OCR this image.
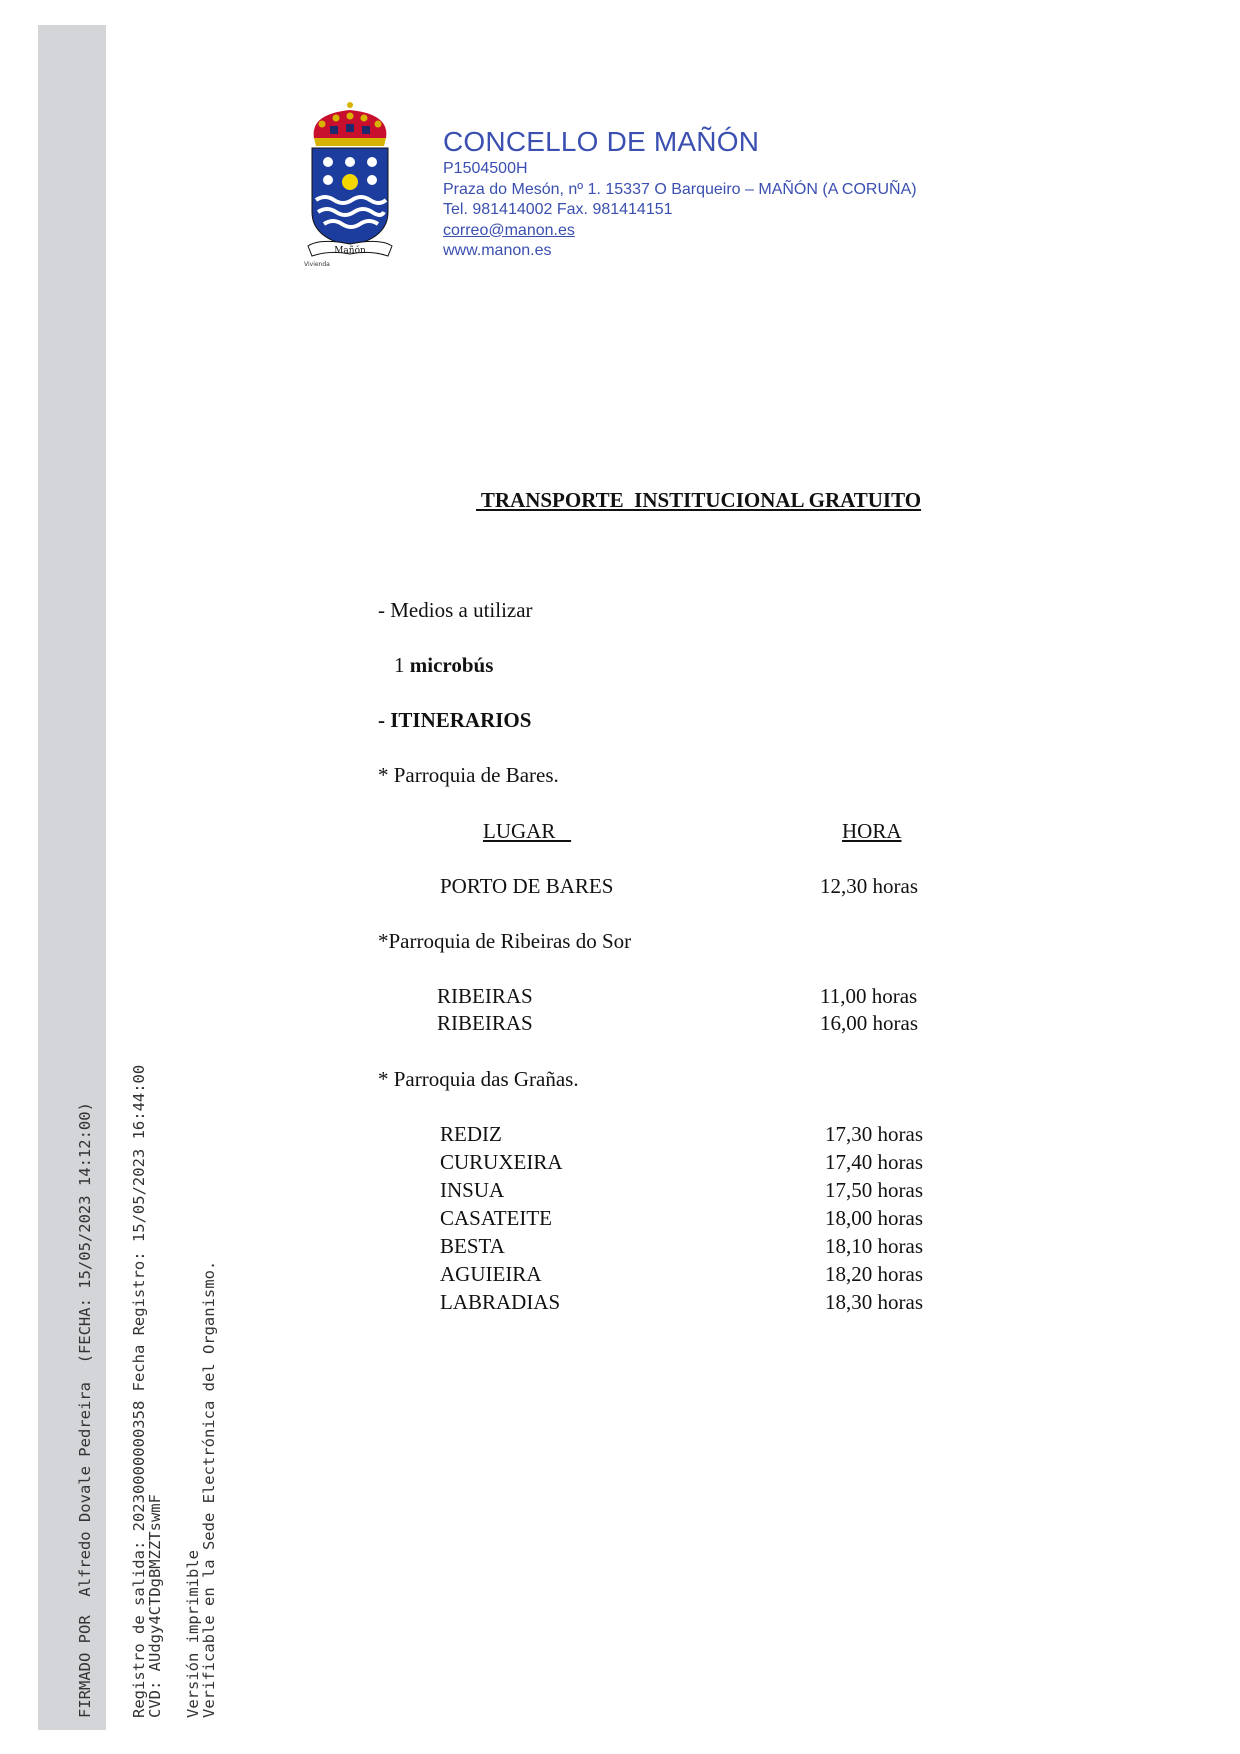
FIRMADO POR  Alfredo Dovale Pedreira  (FECHA: 15/05/2023 14:12:00)

Registro de salida: 20230000000358 Fecha Registro: 15/05/2023 16:44:00

Versión imprimible

CVD: AUdgy4CTDgBMZZTswmF

Verificable en la Sede Electrónica del Organismo.

Mañón
Vivienda
CONCELLO DE MAÑÓN
P1504500H
Praza do Mesón, nº 1. 15337 O Barqueiro – MAÑÓN (A CORUÑA)
Tel. 981414002 Fax. 981414151
correo@manon.es
www.manon.es
TRANSPORTE  INSTITUCIONAL GRATUITO
- Medios a utilizar
1 microbús
- ITINERARIOS
* Parroquia de Bares.
LUGAR	HORA
PORTO DE BARES	12,30 horas
*Parroquia de Ribeiras do Sor
RIBEIRAS	11,00 horas
RIBEIRAS	16,00 horas
* Parroquia das Grañas.
REDIZ	17,30 horas
CURUXEIRA	17,40 horas
INSUA	17,50 horas
CASATEITE	18,00 horas
BESTA	18,10 horas
AGUIEIRA	18,20 horas
LABRADIAS	18,30 horas
